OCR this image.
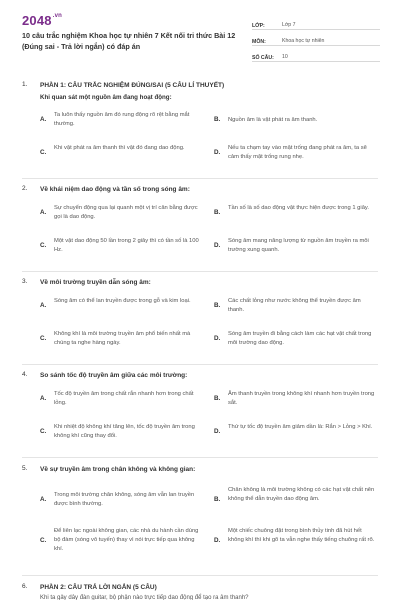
$2048^{.vn}$
10 câu trắc nghiệm Khoa học tự nhiên 7 Kết nối tri thức Bài 12 (Đúng sai - Trả lời ngắn) có đáp án
LỚP:	Lớp 7
MÔN:	Khoa học tự nhiên
SỐ CÂU:	10
1. PHẦN 1: CÂU TRẮC NGHIỆM ĐÚNG/SAI (5 CÂU LÍ THUYẾT)
Khi quan sát một nguồn âm đang hoạt động:
A.
Ta luôn thấy nguồn âm đó rung động rõ rệt bằng mắt thường.
B. Nguồn âm là vật phát ra âm thanh.
C.
Khi vật phát ra âm thanh thì vật đó đang dao động.
D.
Nếu ta chạm tay vào mặt trống đang phát ra âm, ta sẽ cảm thấy mặt trống rung nhẹ.
2. Về khái niệm dao động và tần số trong sóng âm:
A.
Sự chuyển động qua lại quanh một vị trí cân bằng được gọi là dao động.
B.
Tần số là số dao động vật thực hiện được trong 1 giây.
C.
Một vật dao động 50 lần trong 2 giây thì có tần số là 100 Hz.
D.
Sóng âm mang năng lượng từ nguồn âm truyền ra môi trường xung quanh.
3. Về môi trường truyền dẫn sóng âm:
A.
Sóng âm có thể lan truyền được trong gỗ và kim loại.
B.
Các chất lỏng như nước không thể truyền được âm thanh.
C.
Không khí là môi trường truyền âm phổ biến nhất mà chúng ta nghe hàng ngày.
D.
Sóng âm truyền đi bằng cách làm các hạt vật chất trong môi trường dao động.
4. So sánh tốc độ truyền âm giữa các môi trường:
A.
Tốc độ truyền âm trong chất rắn nhanh hơn trong chất lỏng.
B.
Âm thanh truyền trong không khí nhanh hơn truyền trong sắt.
C.
Khi nhiệt độ không khí tăng lên, tốc độ truyền âm trong không khí cũng thay đổi.
D.
Thứ tự tốc độ truyền âm giảm dần là: Rắn > Lỏng > Khí.
5. Về sự truyền âm trong chân không và không gian:
A.
Trong môi trường chân không, sóng âm vẫn lan truyền được bình thường.
B.
Chân không là môi trường không có các hạt vật chất nên không thể dẫn truyền dao động âm.
C.
Để liên lạc ngoài không gian, các nhà du hành cần dùng bộ đàm (sóng vô tuyến) thay vì nói trực tiếp qua không khí.
D.
Một chiếc chuông đặt trong bình thủy tinh đã hút hết không khí thì khi gõ ta vẫn nghe thấy tiếng chuông rất rõ.
6. PHẦN 2: CÂU TRẢ LỜI NGẮN (5 CÂU)
Khi ta gảy dây đàn guitar, bộ phận nào trực tiếp dao động để tạo ra âm thanh?
